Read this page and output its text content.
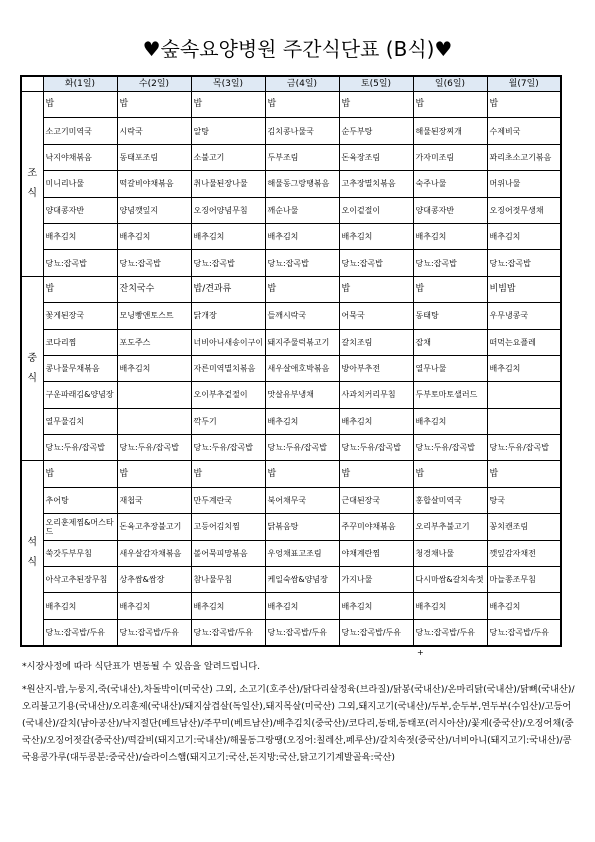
♥숲속요양병원 주간식단표 (B식)♥
	화(1일)	수(2일)	목(3일)	금(4일)	토(5일)	일(6일)	월(7일)

조
식	밥	밥	밥	밥	밥	밥	밥
	소고기미역국	시락국	알탕	김치콩나물국	순두부탕	해물된장찌개	수제비국
	낙지야채볶음	동태포조림	소불고기	두부조림	돈육장조림	가자미조림	꽈리초소고기볶음
	미니리나물	떡갈비야채볶음	취나물된장나물	해물동그랑땡볶음	고추장멸치볶음	숙주나물	머위나물
	양대콩자반	양념깻잎지	오징어양념무침	깨순나물	오이겉절이	양대콩자반	오징어젓무생채
	배추김치	배추김치	배추김치	배추김치	배추김치	배추김치	배추김치
	당뇨:잡곡밥	당뇨:잡곡밥	당뇨:잡곡밥	당뇨:잡곡밥	당뇨:잡곡밥	당뇨:잡곡밥	당뇨:잡곡밥

중
식	밥	잔치국수	밥/견과류	밥	밥	밥	비빔밥
	꽃게된장국	모닝빵앤토스트	닭개장	들깨시락국	어묵국	동태탕	우무냉콩국
	코다리찜	포도주스	너비아니새송이구이	돼지주물럭볶고기	갈치조림	잡채	떠먹는요플레
	콩나물무채볶음	배추김치	자른미역멸치볶음	새우살애호박볶음	방아부추전	열무나물	배추김치
	구운파래김&양념장		오이부추겉절이	맛살유부냉채	사과치커리무침	두부토마토샐러드	
	열무물김치		깍두기	배추김치	배추김치	배추김치	
	당뇨:두유/잡곡밥	당뇨:두유/잡곡밥	당뇨:두유/잡곡밥	당뇨:두유/잡곡밥	당뇨:두유/잡곡밥	당뇨:두유/잡곡밥	당뇨:두유/잡곡밥

석
식	밥	밥	밥	밥	밥	밥	밥
	추어탕	재첩국	만두계란국	북어채무국	근대된장국	홍합살미역국	탕국
	오리훈제찜&머스타드	돈육고추장불고기	고등어김치찜	닭볶음탕	주꾸미야채볶음	오리부추불고기	꽁치캔조림
	쑥갓두부무침	새우살감자채볶음	볼어묵피망볶음	우엉채표고조림	야채계란찜	청경채나물	깻잎감자채전
	아삭고추된장무침	상추쌈&쌈장	참나물무침	케일숙쌈&양념장	가지나물	다시마쌈&갈치속젓	마늘쫑조무침
	배추김치	배추김치	배추김치	배추김치	배추김치	배추김치	배추김치
	당뇨:잡곡밥/두유	당뇨:잡곡밥/두유	당뇨:잡곡밥/두유	당뇨:잡곡밥/두유	당뇨:잡곡밥/두유	당뇨:잡곡밥/두유	당뇨:잡곡밥/두유
+
*시장사정에 따라 식단표가 변동될 수 있음을 알려드립니다.
*원산지-밥,누룽지,죽(국내산),차돌박이(미국산) 그외, 소고기(호주산)/닭다리살정육(브라질)/닭봉(국내산)/온마리닭(국내산)/닭뼈(국내산)/오리불고기용(국내산)/오리훈제(국내산)/돼지삼겹살(독일산),돼지목살(미국산) 그외,돼지고기(국내산)/두부,순두부,연두부(수입산)/고등어(국내산)/갈치(남아공산)/낙지절단(베트남산)/주꾸미(베트남산)/배추김치(중국산)/코다리,동태,동태포(러시아산)/꽃게(중국산)/오징어채(중국산)/오징어젓갈(중국산)/떡갈비(돼지고기:국내산)/해물동그랑땡(오징어:칠레산,페루산)/갈치속젓(중국산)/너비아니(돼지고기:국내산)/콩국용콩가루(대두콩분:중국산)/슬라이스햄(돼지고기:국산,돈지방:국산,닭고기기계발골육:국산)
